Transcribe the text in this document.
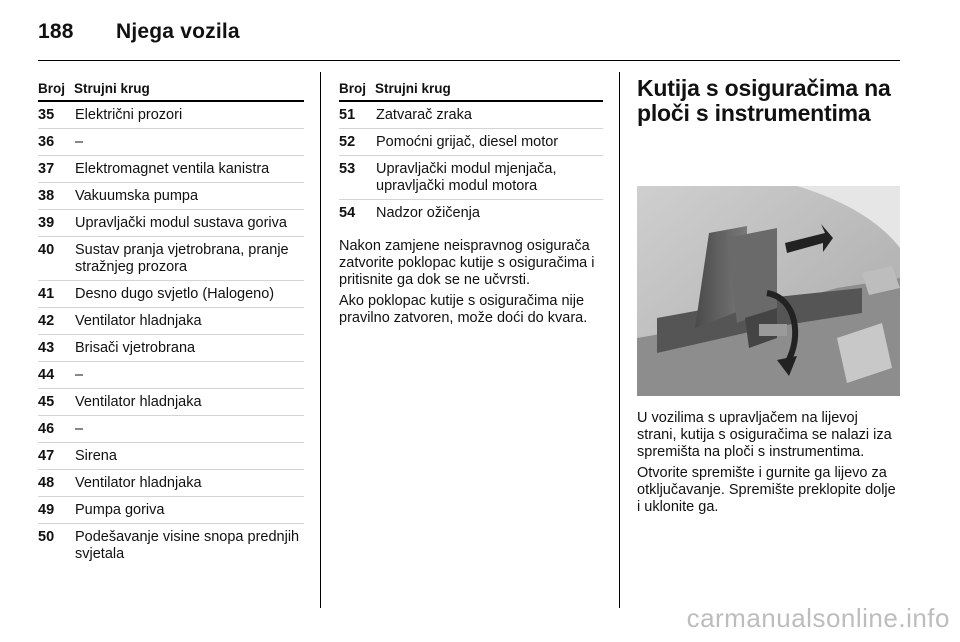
188 Njega vozila
Broj Strujni krug
35	Električni prozori
36	–
37	Elektromagnet ventila kanistra
38	Vakuumska pumpa
39	Upravljački modul sustava goriva
40	Sustav pranja vjetrobrana, pranje stražnjeg prozora
41	Desno dugo svjetlo (Halogeno)
42	Ventilator hladnjaka
43	Brisači vjetrobrana
44	–
45	Ventilator hladnjaka
46	–
47	Sirena
48	Ventilator hladnjaka
49	Pumpa goriva
50	Podešavanje visine snopa prednjih svjetala
Broj Strujni krug
51	Zatvarač zraka
52	Pomoćni grijač, diesel motor
53	Upravljački modul mjenjača, upravljački modul motora
54	Nadzor ožičenja

Nakon zamjene neispravnog osigurača zatvorite poklopac kutije s osiguračima i pritisnite ga dok se ne učvrsti.

Ako poklopac kutije s osiguračima nije pravilno zatvoren, može doći do kvara.

Kutija s osiguračima na ploči s instrumentima

U vozilima s upravljačem na lijevoj strani, kutija s osiguračima se nalazi iza spremišta na ploči s instrumentima.

Otvorite spremište i gurnite ga lijevo za otključavanje. Spremište preklopite dolje i uklonite ga.

carmanualsonline.info
